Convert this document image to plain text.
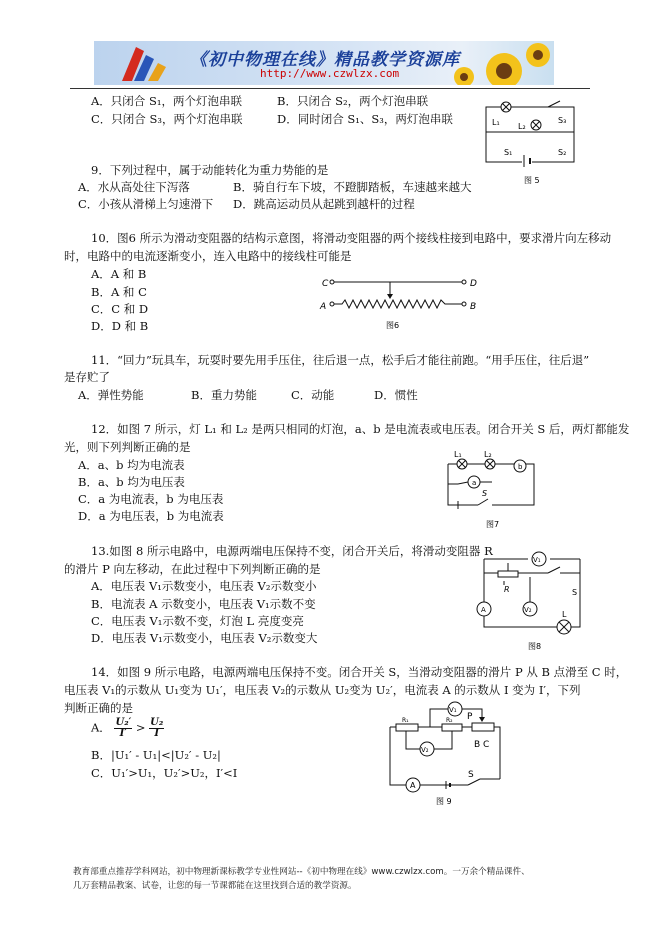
《初中物理在线》精品教学资源库
http://www.czwlzx.com
A．只闭合 S₁，两个灯泡串联	B．只闭合 S₂，两个灯泡串联
C．只闭合 S₃，两个灯泡串联	D．同时闭合 S₁、S₃，两灯泡串联	L₁ L₂
S₃
S₁	S₂
图 5
9．下列过程中，属于动能转化为重力势能的是
A．水从高处往下泻落	B．骑自行车下坡，不蹬脚踏板，车速越来越大
C．小孩从滑梯上匀速滑下 D．跳高运动员从起跳到越杆的过程
10．图6 所示为滑动变阻器的结构示意图，将滑动变阻器的两个接线柱接到电路中，要求滑片向左移动
时，电路中的电流逐渐变小，连入电路中的接线柱可能是
A．A 和 B
B．A 和 C
C．C 和 D
D．D 和 B
C	D
A	B
图6
11．“回力”玩具车，玩耍时要先用手压住，往后退一点，松手后才能往前跑。“用手压住，往后退”
是存贮了
A．弹性势能	B．重力势能	C．动能	D．惯性
12．如图 7 所示，灯 L₁ 和 L₂ 是两只相同的灯泡，a、b 是电流表或电压表。闭合开关 S 后，两灯都能发
光，则下列判断正确的是
A．a、b 均为电流表
B．a、b 均为电压表
C．a 为电流表，b 为电压表
D．a 为电压表，b 为电流表
L₁	L₂
b
a
S
图7
13.如图 8 所示电路中，电源两端电压保持不变，闭合开关后，将滑动变阻器 R
的滑片 P 向左移动，在此过程中下列判断正确的是
A．电压表 V₁示数变小，电压表 V₂示数变小
B．电流表 A 示数变小，电压表 V₁示数不变
C．电压表 V₁示数不变，灯泡 L 亮度变亮
D．电压表 V₁示数变小，电压表 V₂示数变大
V₁
R	S
A	V₂	L
图8
14．如图 9 所示电路，电源两端电压保持不变。闭合开关 S，当滑动变阻器的滑片 P 从 B 点滑至 C 时，
电压表 V₁的示数从 U₁变为 U₁′，电压表 V₂的示数从 U₂变为 U₂′，电流表 A 的示数从 I 变为 I′，下列
判断正确的是
A． $\frac{\text{U₂′}}{I'} > \frac{\text{U₂}}{I}$
B．|U₁′ - U₁|<|U₂′ - U₂|
C．U₁′>U₁，U₂′>U₂，I′<I
R₁	R₂
V₁
V₂
P
B C
A
S
图 9
教育部重点推荐学科网站，初中物理新课标教学专业性网站--《初中物理在线》www.czwlzx.com。一万余个精品课件、
几万套精品教案、试卷，让您的每一节课都能在这里找到合适的教学资源。
